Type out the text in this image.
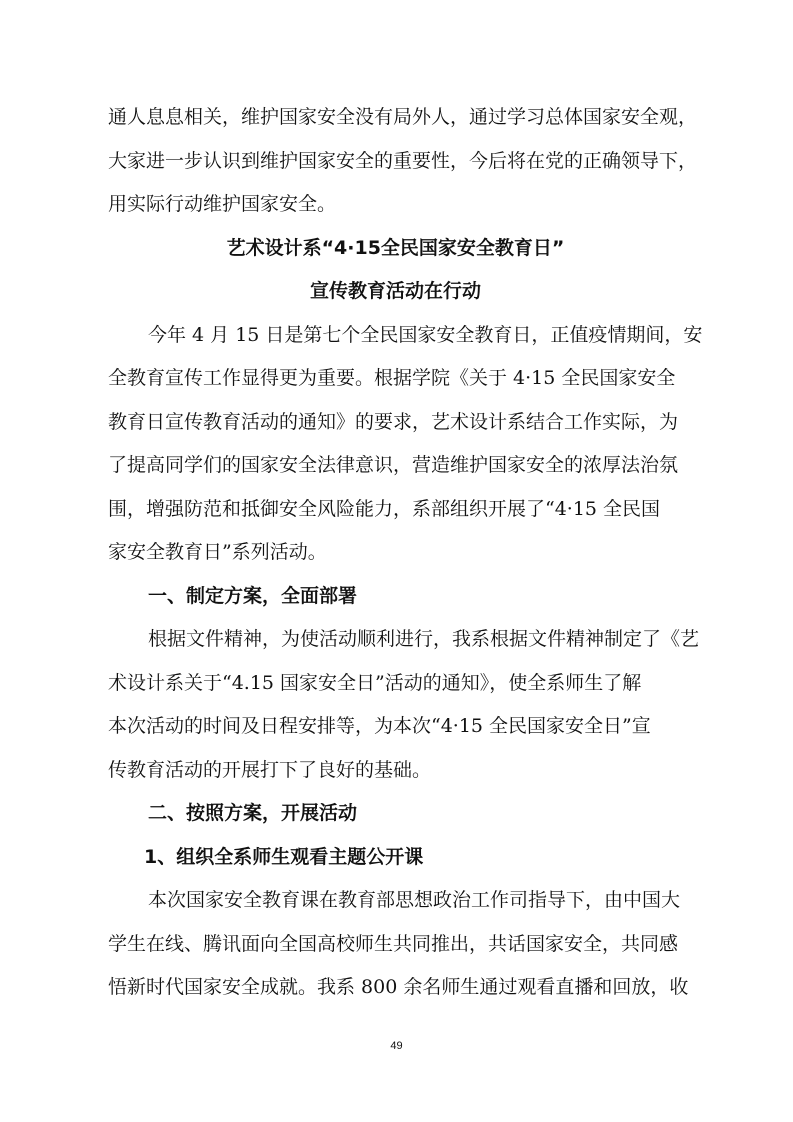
通人息息相关，维护国家安全没有局外人，通过学习总体国家安全观，
大家进一步认识到维护国家安全的重要性，今后将在党的正确领导下，
用实际行动维护国家安全。
艺术设计系“4·15全民国家安全教育日”
宣传教育活动在行动
今年 4 月 15 日是第七个全民国家安全教育日，正值疫情期间，安
全教育宣传工作显得更为重要。根据学院《关于 4·15 全民国家安全
教育日宣传教育活动的通知》的要求，艺术设计系结合工作实际，为
了提高同学们的国家安全法律意识，营造维护国家安全的浓厚法治氛
围，增强防范和抵御安全风险能力，系部组织开展了“4·15 全民国
家安全教育日”系列活动。
一、制定方案，全面部署
根据文件精神，为使活动顺利进行，我系根据文件精神制定了《艺
术设计系关于“4.15 国家安全日”活动的通知》，使全系师生了解
本次活动的时间及日程安排等，为本次“4·15 全民国家安全日”宣
传教育活动的开展打下了良好的基础。
二、按照方案，开展活动
1、组织全系师生观看主题公开课
本次国家安全教育课在教育部思想政治工作司指导下，由中国大
学生在线、腾讯面向全国高校师生共同推出，共话国家安全，共同感
悟新时代国家安全成就。我系 800 余名师生通过观看直播和回放，收
49
